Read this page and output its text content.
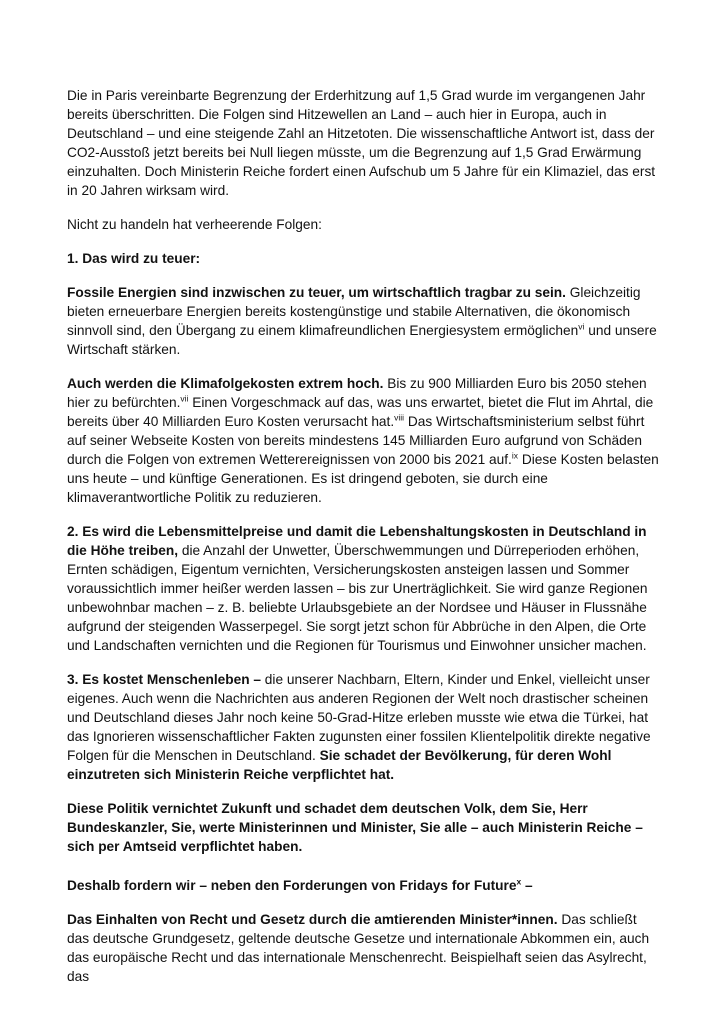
Die in Paris vereinbarte Begrenzung der Erderhitzung auf 1,5 Grad wurde im vergangenen Jahr bereits überschritten. Die Folgen sind Hitzewellen an Land – auch hier in Europa, auch in Deutschland – und eine steigende Zahl an Hitzetoten. Die wissenschaftliche Antwort ist, dass der CO2-Ausstoß jetzt bereits bei Null liegen müsste, um die Begrenzung auf 1,5 Grad Erwärmung einzuhalten. Doch Ministerin Reiche fordert einen Aufschub um 5 Jahre für ein Klimaziel, das erst in 20 Jahren wirksam wird.

Nicht zu handeln hat verheerende Folgen:

1. Das wird zu teuer:

Fossile Energien sind inzwischen zu teuer, um wirtschaftlich tragbar zu sein. Gleichzeitig bieten erneuerbare Energien bereits kostengünstige und stabile Alternativen, die ökonomisch sinnvoll sind, den Übergang zu einem klimafreundlichen Energiesystem ermöglichen$^{vi}$ und unsere Wirtschaft stärken.

Auch werden die Klimafolgekosten extrem hoch. Bis zu 900 Milliarden Euro bis 2050 stehen hier zu befürchten.$^{vii}$ Einen Vorgeschmack auf das, was uns erwartet, bietet die Flut im Ahrtal, die bereits über 40 Milliarden Euro Kosten verursacht hat.$^{viii}$ Das Wirtschaftsministerium selbst führt auf seiner Webseite Kosten von bereits mindestens 145 Milliarden Euro aufgrund von Schäden durch die Folgen von extremen Wetterereignissen von 2000 bis 2021 auf.$^{ix}$ Diese Kosten belasten uns heute – und künftige Generationen. Es ist dringend geboten, sie durch eine klimaverantwortliche Politik zu reduzieren.

2. Es wird die Lebensmittelpreise und damit die Lebenshaltungskosten in Deutschland in die Höhe treiben, die Anzahl der Unwetter, Überschwemmungen und Dürreperioden erhöhen, Ernten schädigen, Eigentum vernichten, Versicherungskosten ansteigen lassen und Sommer voraussichtlich immer heißer werden lassen – bis zur Unerträglichkeit. Sie wird ganze Regionen unbewohnbar machen – z. B. beliebte Urlaubsgebiete an der Nordsee und Häuser in Flussnähe aufgrund der steigenden Wasserpegel. Sie sorgt jetzt schon für Abbrüche in den Alpen, die Orte und Landschaften vernichten und die Regionen für Tourismus und Einwohner unsicher machen.

3. Es kostet Menschenleben – die unserer Nachbarn, Eltern, Kinder und Enkel, vielleicht unser eigenes. Auch wenn die Nachrichten aus anderen Regionen der Welt noch drastischer scheinen und Deutschland dieses Jahr noch keine 50-Grad-Hitze erleben musste wie etwa die Türkei, hat das Ignorieren wissenschaftlicher Fakten zugunsten einer fossilen Klientelpolitik direkte negative Folgen für die Menschen in Deutschland. Sie schadet der Bevölkerung, für deren Wohl einzutreten sich Ministerin Reiche verpflichtet hat.

Diese Politik vernichtet Zukunft und schadet dem deutschen Volk, dem Sie, Herr Bundeskanzler, Sie, werte Ministerinnen und Minister, Sie alle – auch Ministerin Reiche – sich per Amtseid verpflichtet haben.

Deshalb fordern wir – neben den Forderungen von Fridays for Future$^x$ –

Das Einhalten von Recht und Gesetz durch die amtierenden Minister*innen. Das schließt das deutsche Grundgesetz, geltende deutsche Gesetze und internationale Abkommen ein, auch das europäische Recht und das internationale Menschenrecht. Beispielhaft seien das Asylrecht, das
